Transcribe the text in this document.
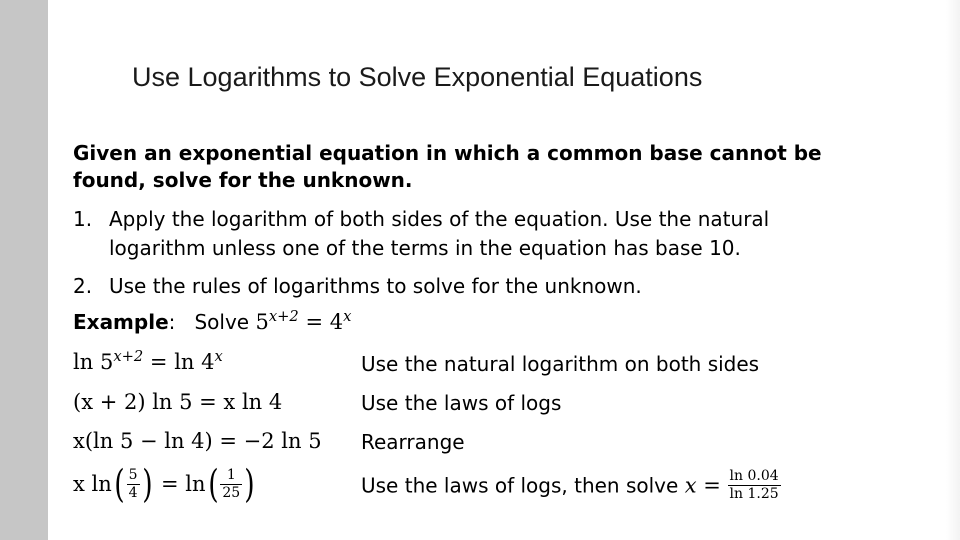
Use Logarithms to Solve Exponential Equations
Given an exponential equation in which a common base cannot be found, solve for the unknown.
1. Apply the logarithm of both sides of the equation. Use the natural
logarithm unless one of the terms in the equation has base 10.
2. Use the rules of logarithms to solve for the unknown.
Example: Solve $5^{x+2} = 4^x$
$\ln 5^{x+2} = \ln 4^x$	Use the natural logarithm on both sides
(x + 2) ln 5 = x ln 4	Use the laws of logs
x(ln 5 − ln 4) = −2 ln 5 Rearrange
x $\ln( \frac{5}{4}$ ) = $\ln( \frac{1}{25}$ )	Use the laws of logs, then solve $x = \frac{\ln 0.04}{\ln 1.25}$
